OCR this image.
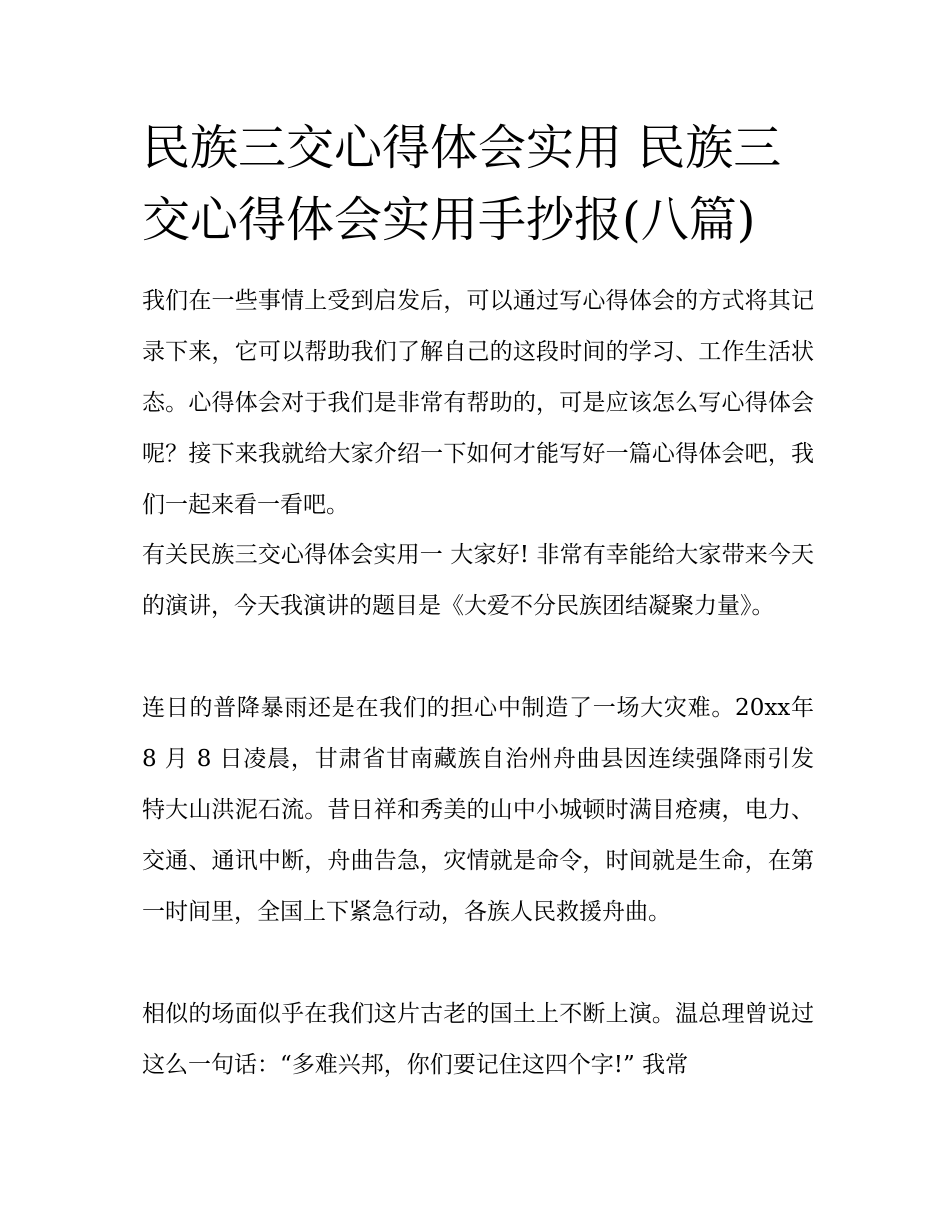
民族三交心得体会实用 民族三交心得体会实用手抄报(八篇)

我们在一些事情上受到启发后，可以通过写心得体会的方式将其记录下来，它可以帮助我们了解自己的这段时间的学习、工作生活状态。心得体会对于我们是非常有帮助的，可是应该怎么写心得体会呢？接下来我就给大家介绍一下如何才能写好一篇心得体会吧，我们一起来看一看吧。

有关民族三交心得体会实用一 大家好! 非常有幸能给大家带来今天的演讲，今天我演讲的题目是《大爱不分民族团结凝聚力量》。

连日的普降暴雨还是在我们的担心中制造了一场大灾难。20xx年 8 月 8 日凌晨，甘肃省甘南藏族自治州舟曲县因连续强降雨引发特大山洪泥石流。昔日祥和秀美的山中小城顿时满目疮痍，电力、交通、通讯中断，舟曲告急，灾情就是命令，时间就是生命，在第一时间里，全国上下紧急行动，各族人民救援舟曲。

相似的场面似乎在我们这片古老的国土上不断上演。温总理曾说过这么一句话：“多难兴邦，你们要记住这四个字!” 我常
